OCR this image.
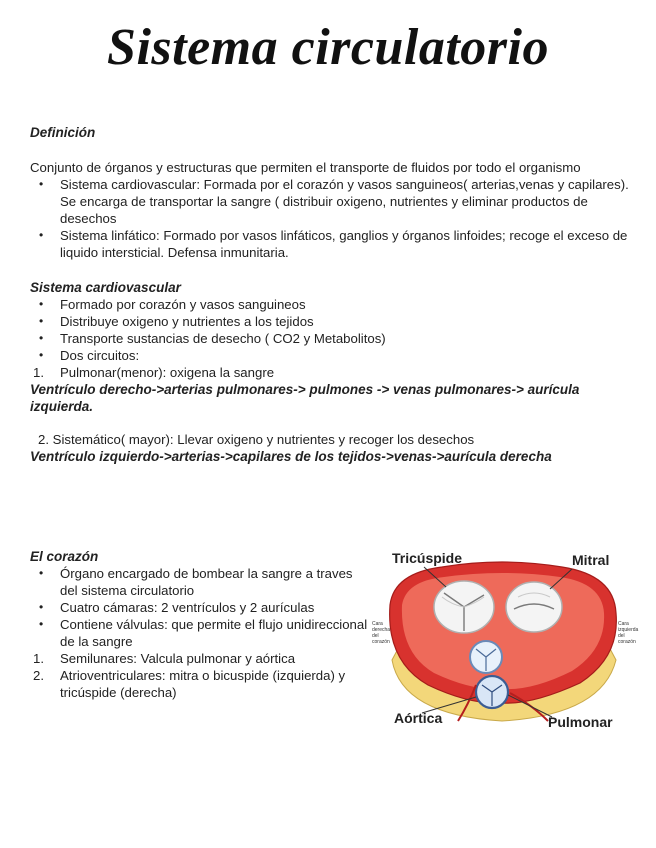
Sistema circulatorio
Definición
Conjunto de órganos y estructuras que permiten el transporte de fluidos por todo el organismo
• Sistema cardiovascular: Formada por el corazón y vasos sanguineos( arterias,venas y capilares). Se encarga de transportar la sangre ( distribuir oxigeno, nutrientes y eliminar productos de desechos
• Sistema linfático: Formado por vasos linfáticos, ganglios y órganos linfoides; recoge el exceso de liquido intersticial. Defensa inmunitaria.
Sistema cardiovascular
• Formado por corazón y vasos sanguineos
• Distribuye oxigeno y nutrientes a los tejidos
• Transporte sustancias de desecho ( CO2 y Metabolitos)
• Dos circuitos:
1. Pulmonar(menor): oxigena la sangre
Ventrículo derecho->arterias pulmonares-> pulmones -> venas pulmonares-> aurícula izquierda.
2. Sistemático( mayor): Llevar oxigeno y nutrientes y recoger los desechos
Ventrículo izquierdo->arterias->capilares de los tejidos->venas->aurícula derecha
El corazón
• Órgano encargado de bombear la sangre a traves del sistema circulatorio
• Cuatro cámaras: 2 ventrículos y 2 aurículas
• Contiene válvulas: que permite el flujo unidireccional de la sangre
1. Semilunares: Valcula pulmonar y aórtica
2. Atrioventriculares: mitra o bicuspide (izquierda) y tricúspide (derecha)
Tricúspide	Mitral
Aórtica	Pulmonar
Cara derecha del corazón
Cara izquierda del corazón
